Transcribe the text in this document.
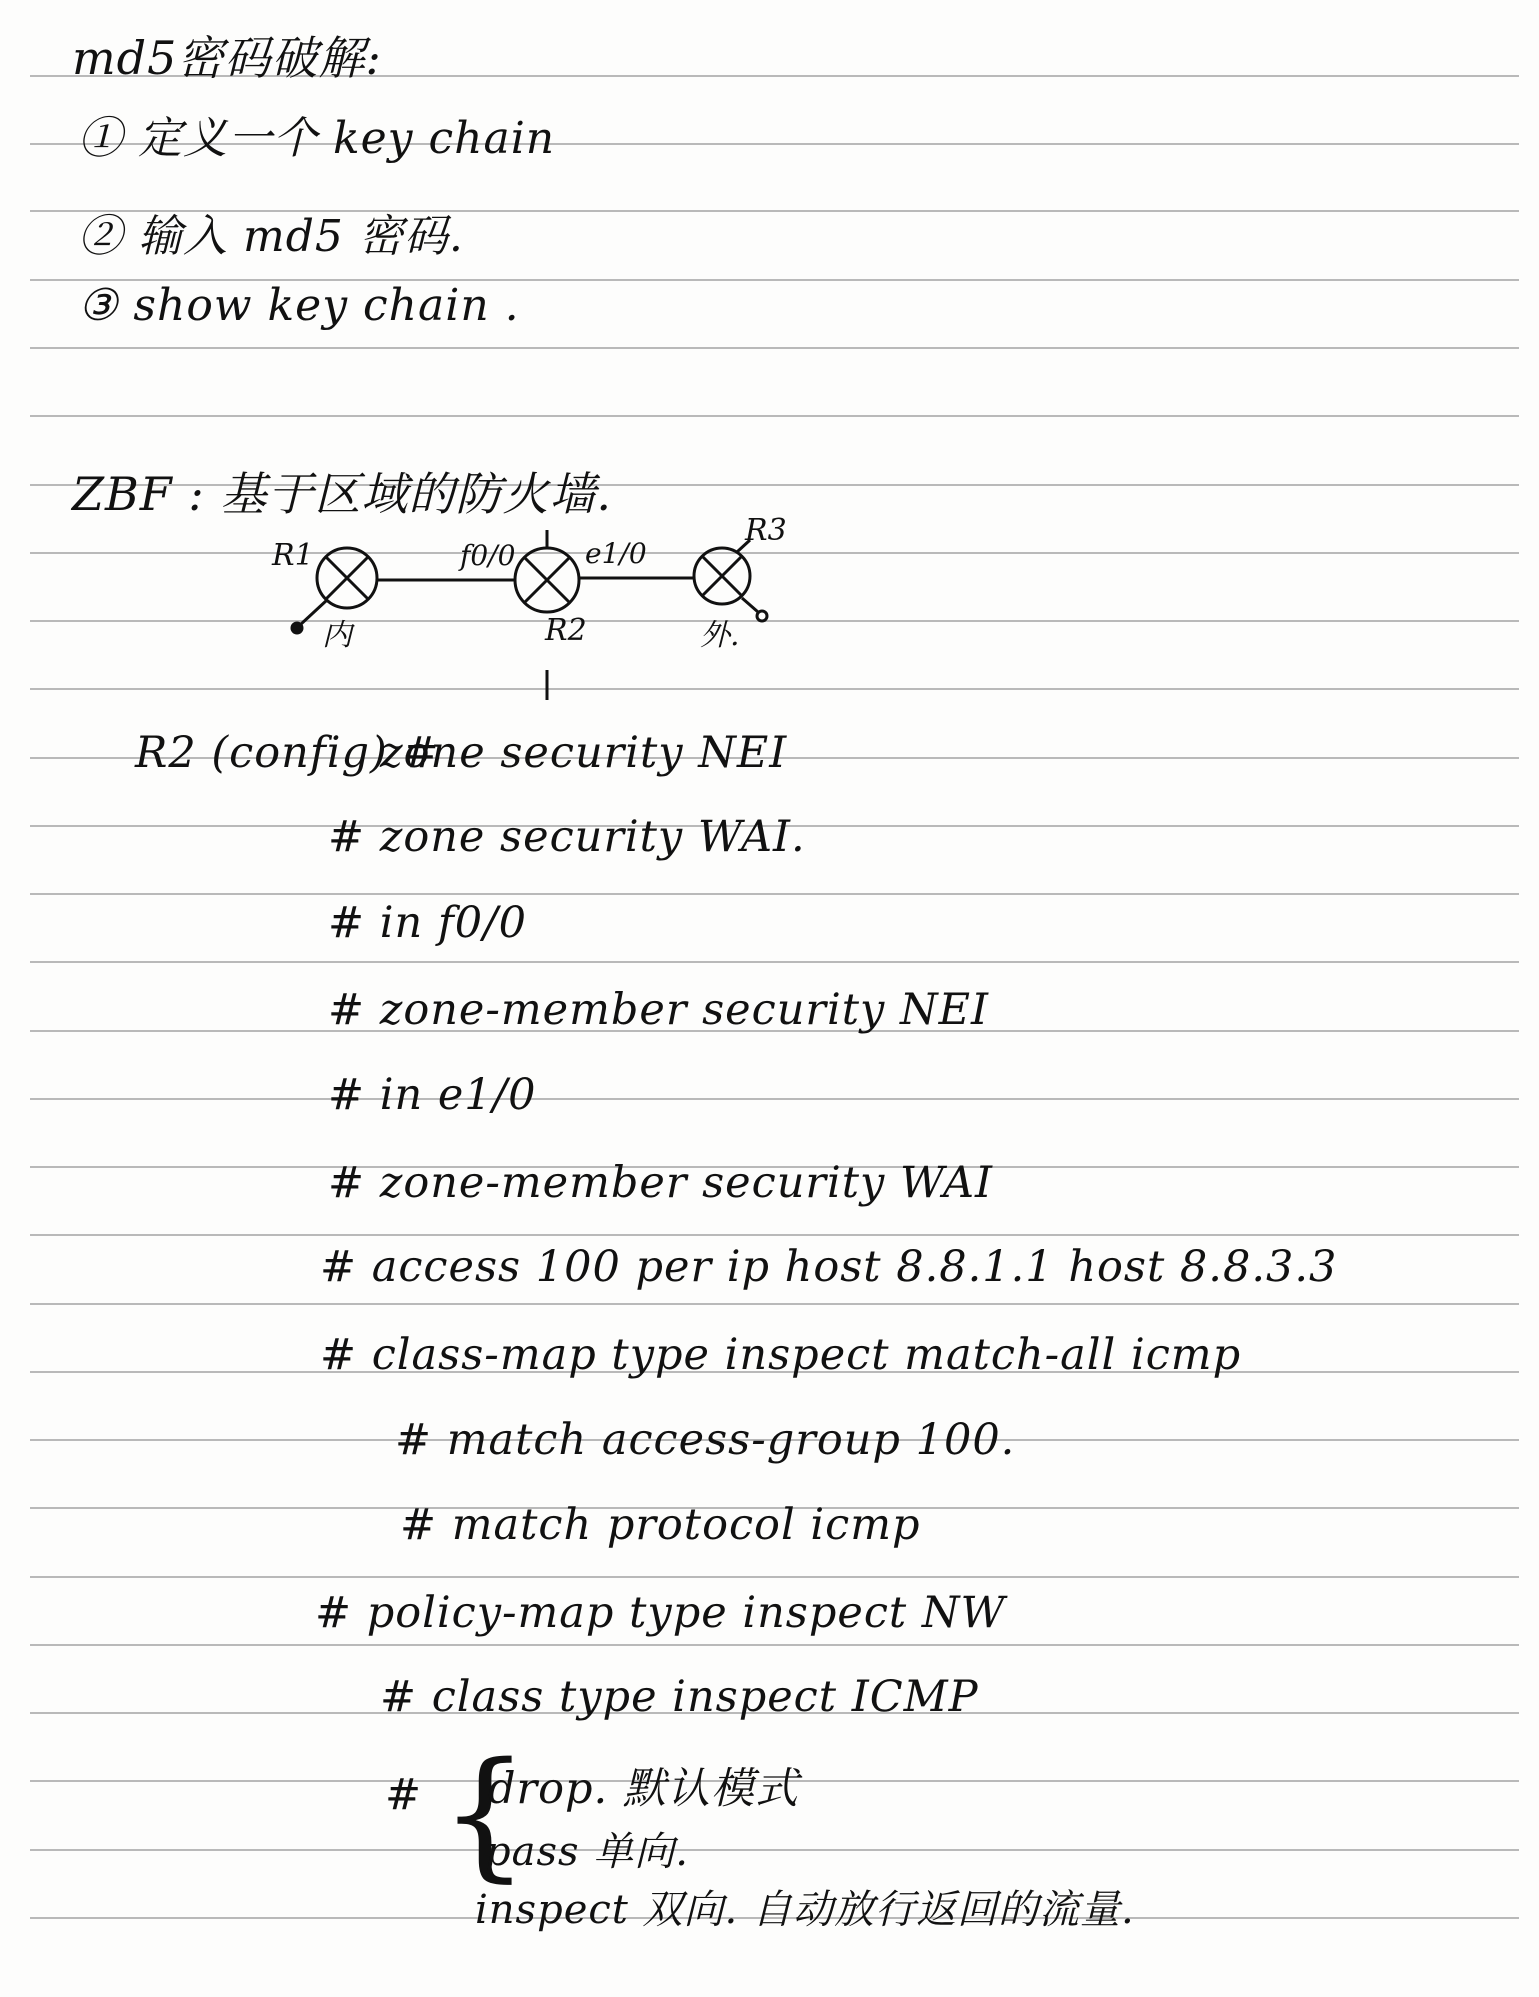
md5密码破解:
① 定义一个 key chain
② 输入 md5 密码.
③ show key chain .
ZBF : 基于区域的防火墙.
R1
R2
R3
f0/0 e1/0
内	外.
R2 (config) #
zone security NEI
# zone security WAI.
# in f0/0
# zone-member security NEI
# in e1/0
# zone-member security WAI
# access 100 per ip host 8.8.1.1 host 8.8.3.3
# class-map type inspect match-all icmp
# match access-group 100.
# match protocol icmp
# policy-map type inspect NW
# class type inspect ICMP
# {
drop. 默认模式
pass 单向.
inspect 双向. 自动放行返回的流量.
